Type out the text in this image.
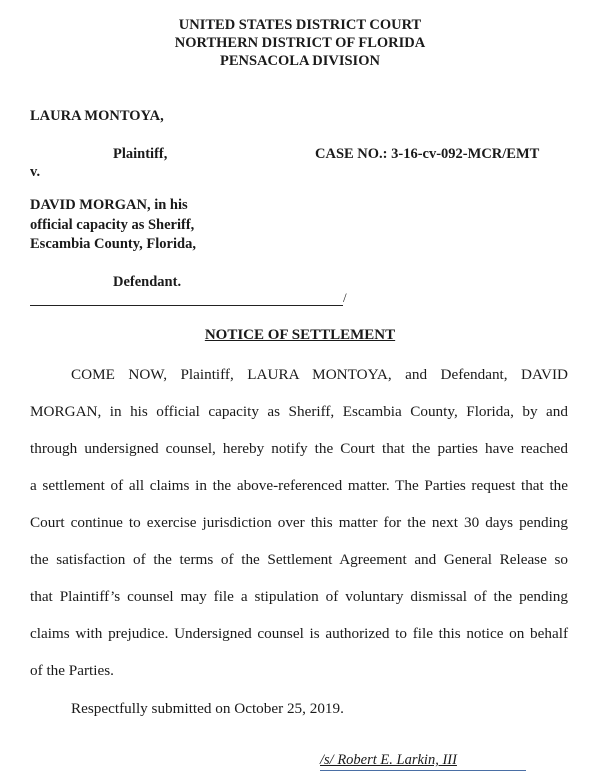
UNITED STATES DISTRICT COURT
NORTHERN DISTRICT OF FLORIDA
PENSACOLA DIVISION
LAURA MONTOYA,
Plaintiff,	CASE NO.: 3-16-cv-092-MCR/EMT
v.
DAVID MORGAN, in his
official capacity as Sheriff,
Escambia County, Florida,
Defendant.
/
NOTICE OF SETTLEMENT
COME NOW, Plaintiff, LAURA MONTOYA, and Defendant, DAVID
MORGAN, in his official capacity as Sheriff, Escambia County, Florida, by and
through undersigned counsel, hereby notify the Court that the parties have reached
a settlement of all claims in the above-referenced matter. The Parties request that the
Court continue to exercise jurisdiction over this matter for the next 30 days pending
the satisfaction of the terms of the Settlement Agreement and General Release so
that Plaintiff’s counsel may file a stipulation of voluntary dismissal of the pending
claims with prejudice. Undersigned counsel is authorized to file this notice on behalf
of the Parties.
Respectfully submitted on October 25, 2019.
/s/ Robert E. Larkin, III
